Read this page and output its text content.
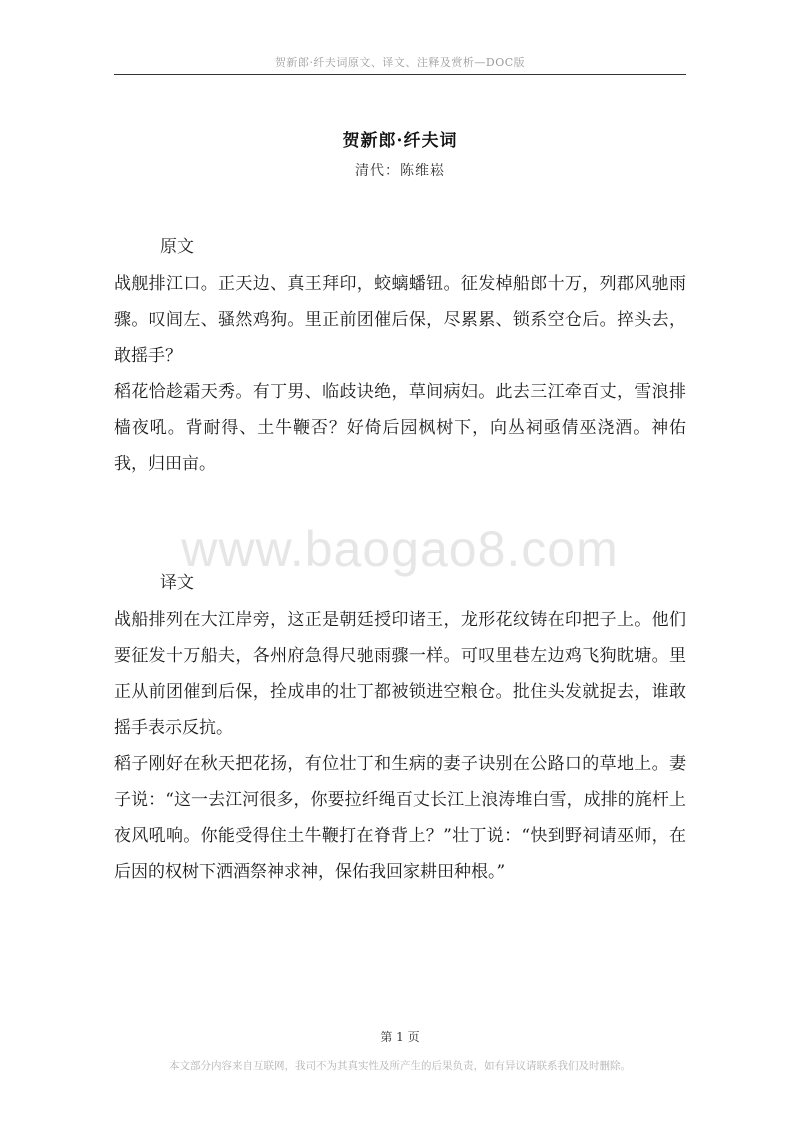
贺新郎·纤夫词原文、译文、注释及赏析—DOC版
贺新郎·纤夫词
清代：陈维崧
原文

战舰排江口。正天边、真王拜印，蛟螭蟠钮。征发棹船郎十万，列郡风驰雨骤。叹闾左、骚然鸡狗。里正前团催后保，尽累累、锁系空仓后。捽头去，敢摇手？

稻花恰趁霜天秀。有丁男、临歧诀绝，草间病妇。此去三江牵百丈，雪浪排樯夜吼。背耐得、土牛鞭否？好倚后园枫树下，向丛祠亟倩巫浇酒。神佑我，归田亩。

www.baogao8.com
译文

战船排列在大江岸旁，这正是朝廷授印诸王，龙形花纹铸在印把子上。他们要征发十万船夫，各州府急得尺驰雨骤一样。可叹里巷左边鸡飞狗眈塘。里正从前团催到后保，拴成串的壮丁都被锁进空粮仓。批住头发就捉去，谁敢摇手表示反抗。

稻子刚好在秋天把花扬，有位壮丁和生病的妻子诀别在公路口的草地上。妻子说：“这一去江河很多，你要拉纤绳百丈长江上浪涛堆白雪，成排的旄杆上夜风吼响。你能受得住土牛鞭打在脊背上？”壮丁说：“快到野祠请巫师，在后因的权树下洒酒祭神求神，保佑我回家耕田种根。”

第 1 页
本文部分内容来自互联网，我司不为其真实性及所产生的后果负责，如有异议请联系我们及时删除。
